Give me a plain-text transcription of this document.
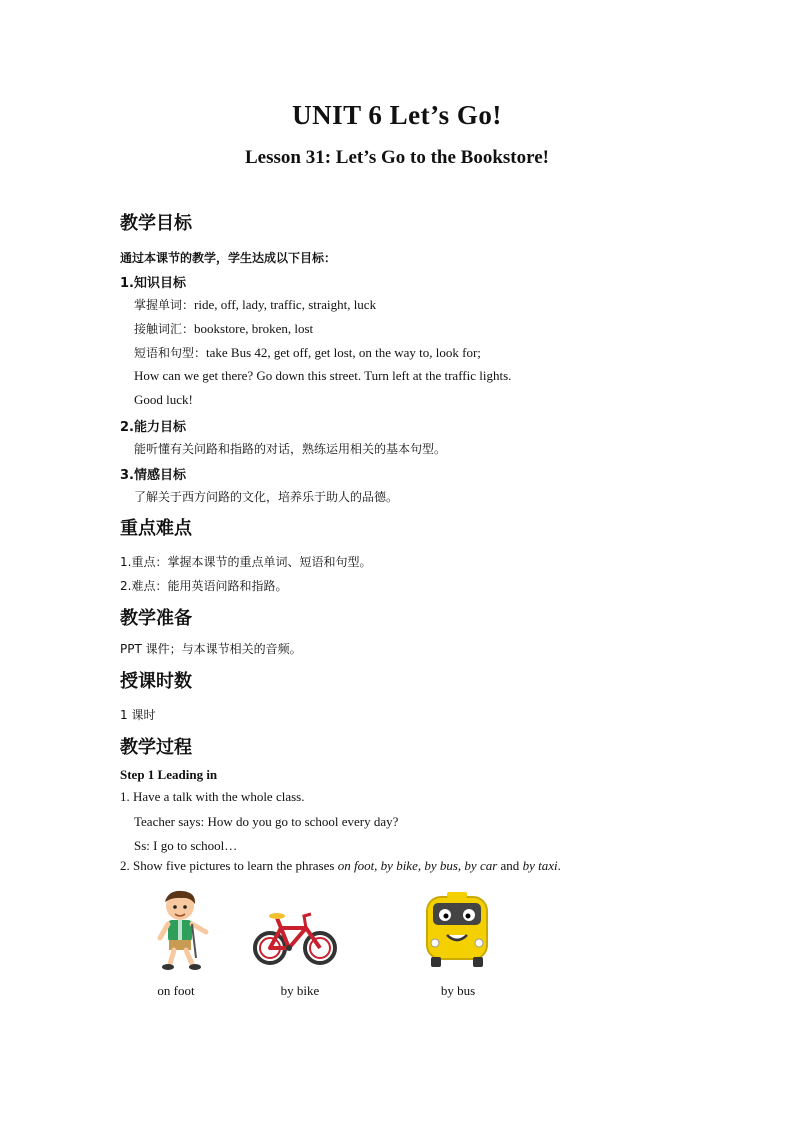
UNIT 6 Let’s Go!
Lesson 31: Let’s Go to the Bookstore!
教学目标
通过本课节的教学，学生达成以下目标：
1.知识目标
掌握单词：ride, off, lady, traffic, straight, luck
接触词汇：bookstore, broken, lost
短语和句型：take Bus 42, get off, get lost, on the way to, look for;
How can we get there? Go down this street. Turn left at the traffic lights.
Good luck!
2.能力目标
能听懂有关问路和指路的对话，熟练运用相关的基本句型。
3.情感目标
了解关于西方问路的文化，培养乐于助人的品德。
重点难点
1.重点：掌握本课节的重点单词、短语和句型。
2.难点：能用英语问路和指路。
教学准备
PPT 课件；与本课节相关的音频。
授课时数
1 课时
教学过程
Step 1 Leading in
1. Have a talk with the whole class.
Teacher says: How do you go to school every day?
Ss: I go to school…
2. Show five pictures to learn the phrases on foot, by bike, by bus, by car and by taxi.
on foot	by bike	by bus
